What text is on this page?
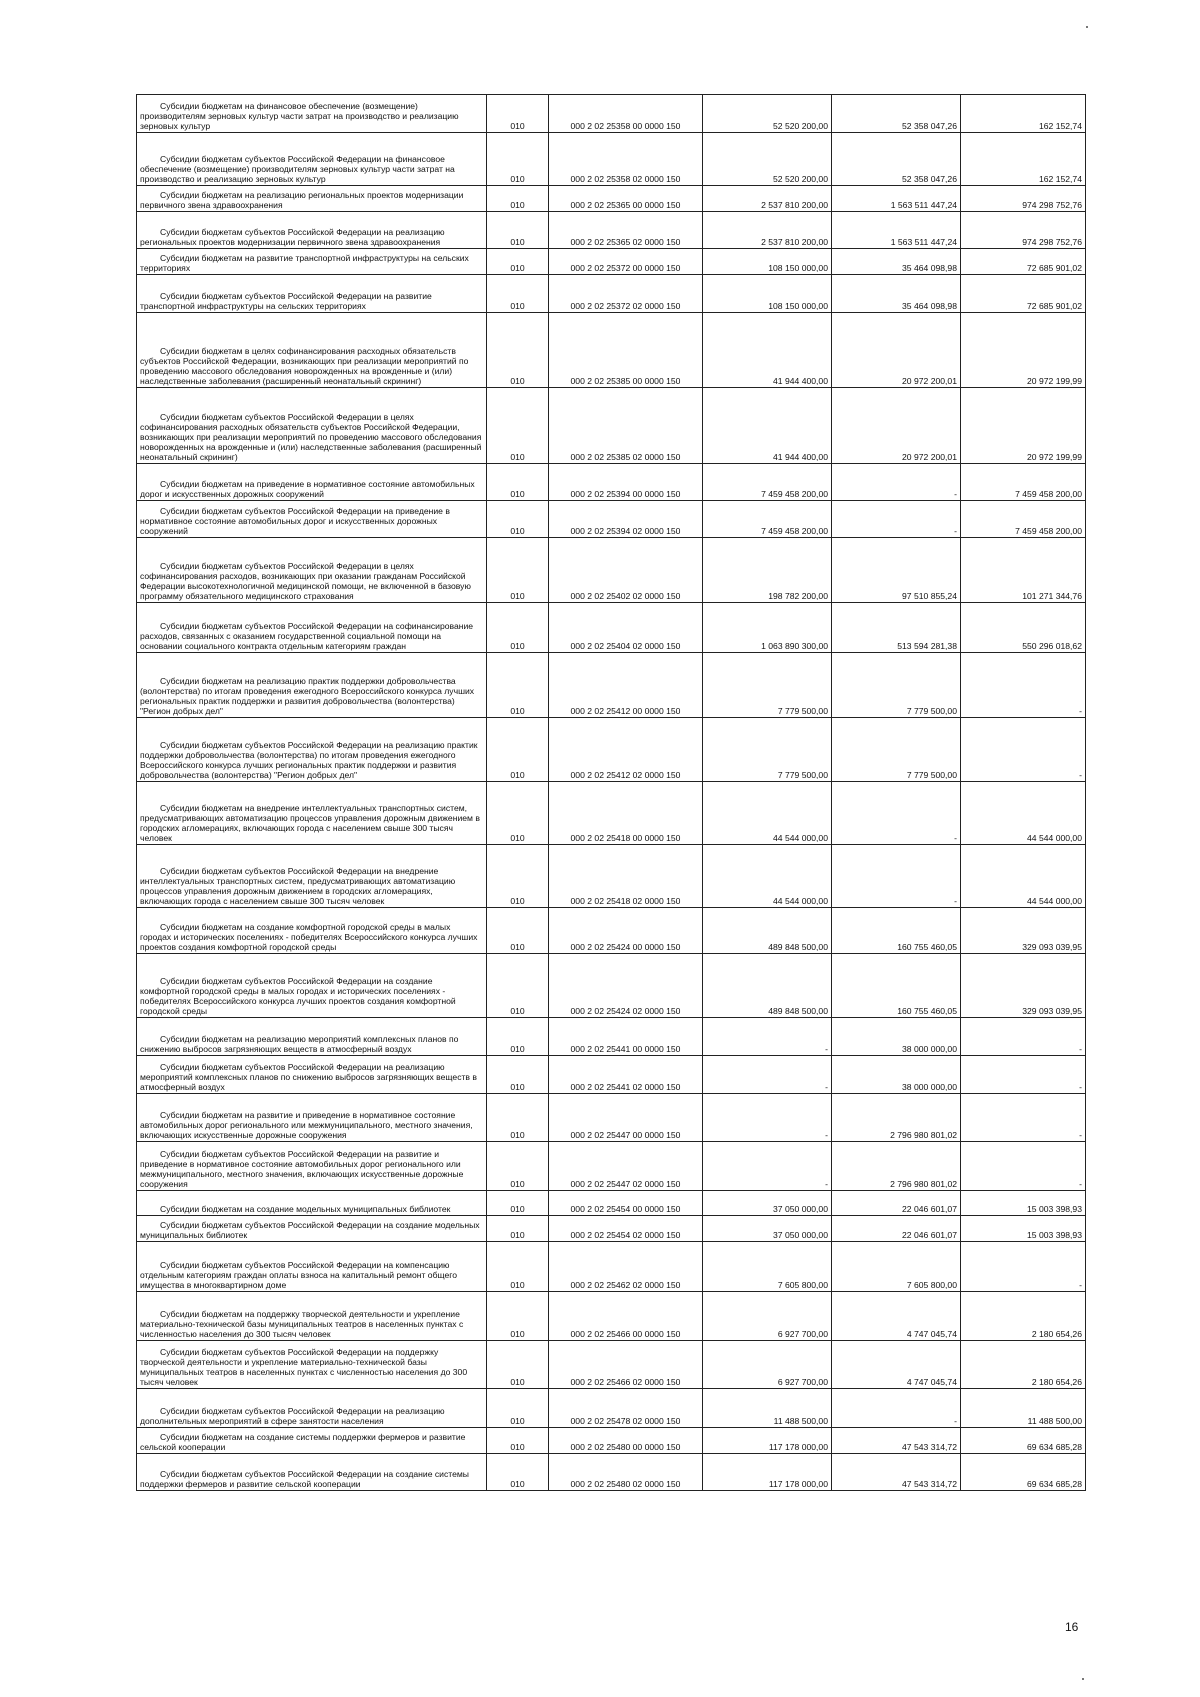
Субсидии бюджетам на финансовое обеспечение (возмещение) производителям зерновых культур части затрат на производство и реализацию зерновых культур	010	000 2 02 25358 00 0000 150	52 520 200,00	52 358 047,26	162 152,74
Субсидии бюджетам субъектов Российской Федерации на финансовое обеспечение (возмещение) производителям зерновых культур части затрат на производство и реализацию зерновых культур	010	000 2 02 25358 02 0000 150	52 520 200,00	52 358 047,26	162 152,74
Субсидии бюджетам на реализацию региональных проектов модернизации первичного звена здравоохранения	010	000 2 02 25365 00 0000 150	2 537 810 200,00	1 563 511 447,24	974 298 752,76
Субсидии бюджетам субъектов Российской Федерации на реализацию региональных проектов модернизации первичного звена здравоохранения	010	000 2 02 25365 02 0000 150	2 537 810 200,00	1 563 511 447,24	974 298 752,76
Субсидии бюджетам на развитие транспортной инфраструктуры на сельских территориях	010	000 2 02 25372 00 0000 150	108 150 000,00	35 464 098,98	72 685 901,02
Субсидии бюджетам субъектов Российской Федерации на развитие транспортной инфраструктуры на сельских территориях	010	000 2 02 25372 02 0000 150	108 150 000,00	35 464 098,98	72 685 901,02
Субсидии бюджетам в целях софинансирования расходных обязательств субъектов Российской Федерации, возникающих при реализации мероприятий по проведению массового обследования новорожденных на врожденные и (или) наследственные заболевания (расширенный неонатальный скрининг)	010	000 2 02 25385 00 0000 150	41 944 400,00	20 972 200,01	20 972 199,99
Субсидии бюджетам субъектов Российской Федерации в целях софинансирования расходных обязательств субъектов Российской Федерации, возникающих при реализации мероприятий по проведению массового обследования новорожденных на врожденные и (или) наследственные заболевания (расширенный неонатальный скрининг)	010	000 2 02 25385 02 0000 150	41 944 400,00	20 972 200,01	20 972 199,99
Субсидии бюджетам на приведение в нормативное состояние автомобильных дорог и искусственных дорожных сооружений	010	000 2 02 25394 00 0000 150	7 459 458 200,00	-	7 459 458 200,00
Субсидии бюджетам субъектов Российской Федерации на приведение в нормативное состояние автомобильных дорог и искусственных дорожных сооружений	010	000 2 02 25394 02 0000 150	7 459 458 200,00	-	7 459 458 200,00
Субсидии бюджетам субъектов Российской Федерации в целях софинансирования расходов, возникающих при оказании гражданам Российской Федерации высокотехнологичной медицинской помощи, не включенной в базовую программу обязательного медицинского страхования	010	000 2 02 25402 02 0000 150	198 782 200,00	97 510 855,24	101 271 344,76
Субсидии бюджетам субъектов Российской Федерации на софинансирование расходов, связанных с оказанием государственной социальной помощи на основании социального контракта отдельным категориям граждан	010	000 2 02 25404 02 0000 150	1 063 890 300,00	513 594 281,38	550 296 018,62
Субсидии бюджетам на реализацию практик поддержки добровольчества (волонтерства) по итогам проведения ежегодного Всероссийского конкурса лучших региональных практик поддержки и развития добровольчества (волонтерства) "Регион добрых дел"	010	000 2 02 25412 00 0000 150	7 779 500,00	7 779 500,00	-
Субсидии бюджетам субъектов Российской Федерации на реализацию практик поддержки добровольчества (волонтерства) по итогам проведения ежегодного Всероссийского конкурса лучших региональных практик поддержки и развития добровольчества (волонтерства) "Регион добрых дел"	010	000 2 02 25412 02 0000 150	7 779 500,00	7 779 500,00	-
Субсидии бюджетам на внедрение интеллектуальных транспортных систем, предусматривающих автоматизацию процессов управления дорожным движением в городских агломерациях, включающих города с населением свыше 300 тысяч человек	010	000 2 02 25418 00 0000 150	44 544 000,00	-	44 544 000,00
Субсидии бюджетам субъектов Российской Федерации на внедрение интеллектуальных транспортных систем, предусматривающих автоматизацию процессов управления дорожным движением в городских агломерациях, включающих города с населением свыше 300 тысяч человек	010	000 2 02 25418 02 0000 150	44 544 000,00	-	44 544 000,00
Субсидии бюджетам на создание комфортной городской среды в малых городах и исторических поселениях - победителях Всероссийского конкурса лучших проектов создания комфортной городской среды	010	000 2 02 25424 00 0000 150	489 848 500,00	160 755 460,05	329 093 039,95
Субсидии бюджетам субъектов Российской Федерации на создание комфортной городской среды в малых городах и исторических поселениях - победителях Всероссийского конкурса лучших проектов создания комфортной городской среды	010	000 2 02 25424 02 0000 150	489 848 500,00	160 755 460,05	329 093 039,95
Субсидии бюджетам на реализацию мероприятий комплексных планов по снижению выбросов загрязняющих веществ в атмосферный воздух	010	000 2 02 25441 00 0000 150	-	38 000 000,00	-
Субсидии бюджетам субъектов Российской Федерации на реализацию мероприятий комплексных планов по снижению выбросов загрязняющих веществ в атмосферный воздух	010	000 2 02 25441 02 0000 150	-	38 000 000,00	-
Субсидии бюджетам на развитие и приведение в нормативное состояние автомобильных дорог регионального или межмуниципального, местного значения, включающих искусственные дорожные сооружения	010	000 2 02 25447 00 0000 150	-	2 796 980 801,02	-
Субсидии бюджетам субъектов Российской Федерации на развитие и приведение в нормативное состояние автомобильных дорог регионального или межмуниципального, местного значения, включающих искусственные дорожные сооружения	010	000 2 02 25447 02 0000 150	-	2 796 980 801,02	-
Субсидии бюджетам на создание модельных муниципальных библиотек	010	000 2 02 25454 00 0000 150	37 050 000,00	22 046 601,07	15 003 398,93
Субсидии бюджетам субъектов Российской Федерации на создание модельных муниципальных библиотек	010	000 2 02 25454 02 0000 150	37 050 000,00	22 046 601,07	15 003 398,93
Субсидии бюджетам субъектов Российской Федерации на компенсацию отдельным категориям граждан оплаты взноса на капитальный ремонт общего имущества в многоквартирном доме	010	000 2 02 25462 02 0000 150	7 605 800,00	7 605 800,00	-
Субсидии бюджетам на поддержку творческой деятельности и укрепление материально-технической базы муниципальных театров в населенных пунктах с численностью населения до 300 тысяч человек	010	000 2 02 25466 00 0000 150	6 927 700,00	4 747 045,74	2 180 654,26
Субсидии бюджетам субъектов Российской Федерации на поддержку творческой деятельности и укрепление материально-технической базы муниципальных театров в населенных пунктах с численностью населения до 300 тысяч человек	010	000 2 02 25466 02 0000 150	6 927 700,00	4 747 045,74	2 180 654,26
Субсидии бюджетам субъектов Российской Федерации на реализацию дополнительных мероприятий в сфере занятости населения	010	000 2 02 25478 02 0000 150	11 488 500,00	-	11 488 500,00
Субсидии бюджетам на создание системы поддержки фермеров и развитие сельской кооперации	010	000 2 02 25480 00 0000 150	117 178 000,00	47 543 314,72	69 634 685,28
Субсидии бюджетам субъектов Российской Федерации на создание системы поддержки фермеров и развитие сельской кооперации	010	000 2 02 25480 02 0000 150	117 178 000,00	47 543 314,72	69 634 685,28
16
